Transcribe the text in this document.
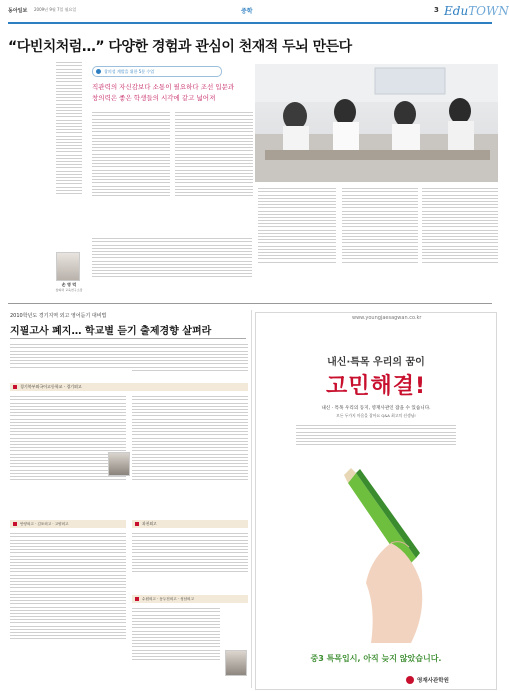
동아일보 2009년 9월 7일 월요일	중학	3 EduTOWN
“다빈치처럼…” 다양한 경험과 관심이 천재적 두뇌 만든다
손 영 덕
창의력 교육연구소장
창의성 계발을 위한 5분 수업
직관력의 자신감보다 소통이 필요하다 조선 입문과
창의력은 좋은 학생들의 시각에 같고 넓어져
2010학년도 경기지역 외고 영어듣기 대비법
지필고사 폐지… 학교별 듣기 출제경향 살펴라
경기북부외국어고등학교 · 경기외고
안양외고 · 김포외고 · 고양외고	과천외고
수원외고 · 동두천외고 · 성남외고
www.youngjaesagwan.co.kr
내신·특목 우리의 꿈이
고민해결!
내신 · 특목 우리의 동지, 영재사관인 잡을 수 있습니다.
모든 두가지 마음을 잡아요 Q&A 최고의 선생님!
중3 특목입시, 아직 늦지 않았습니다.
영재사관학원
